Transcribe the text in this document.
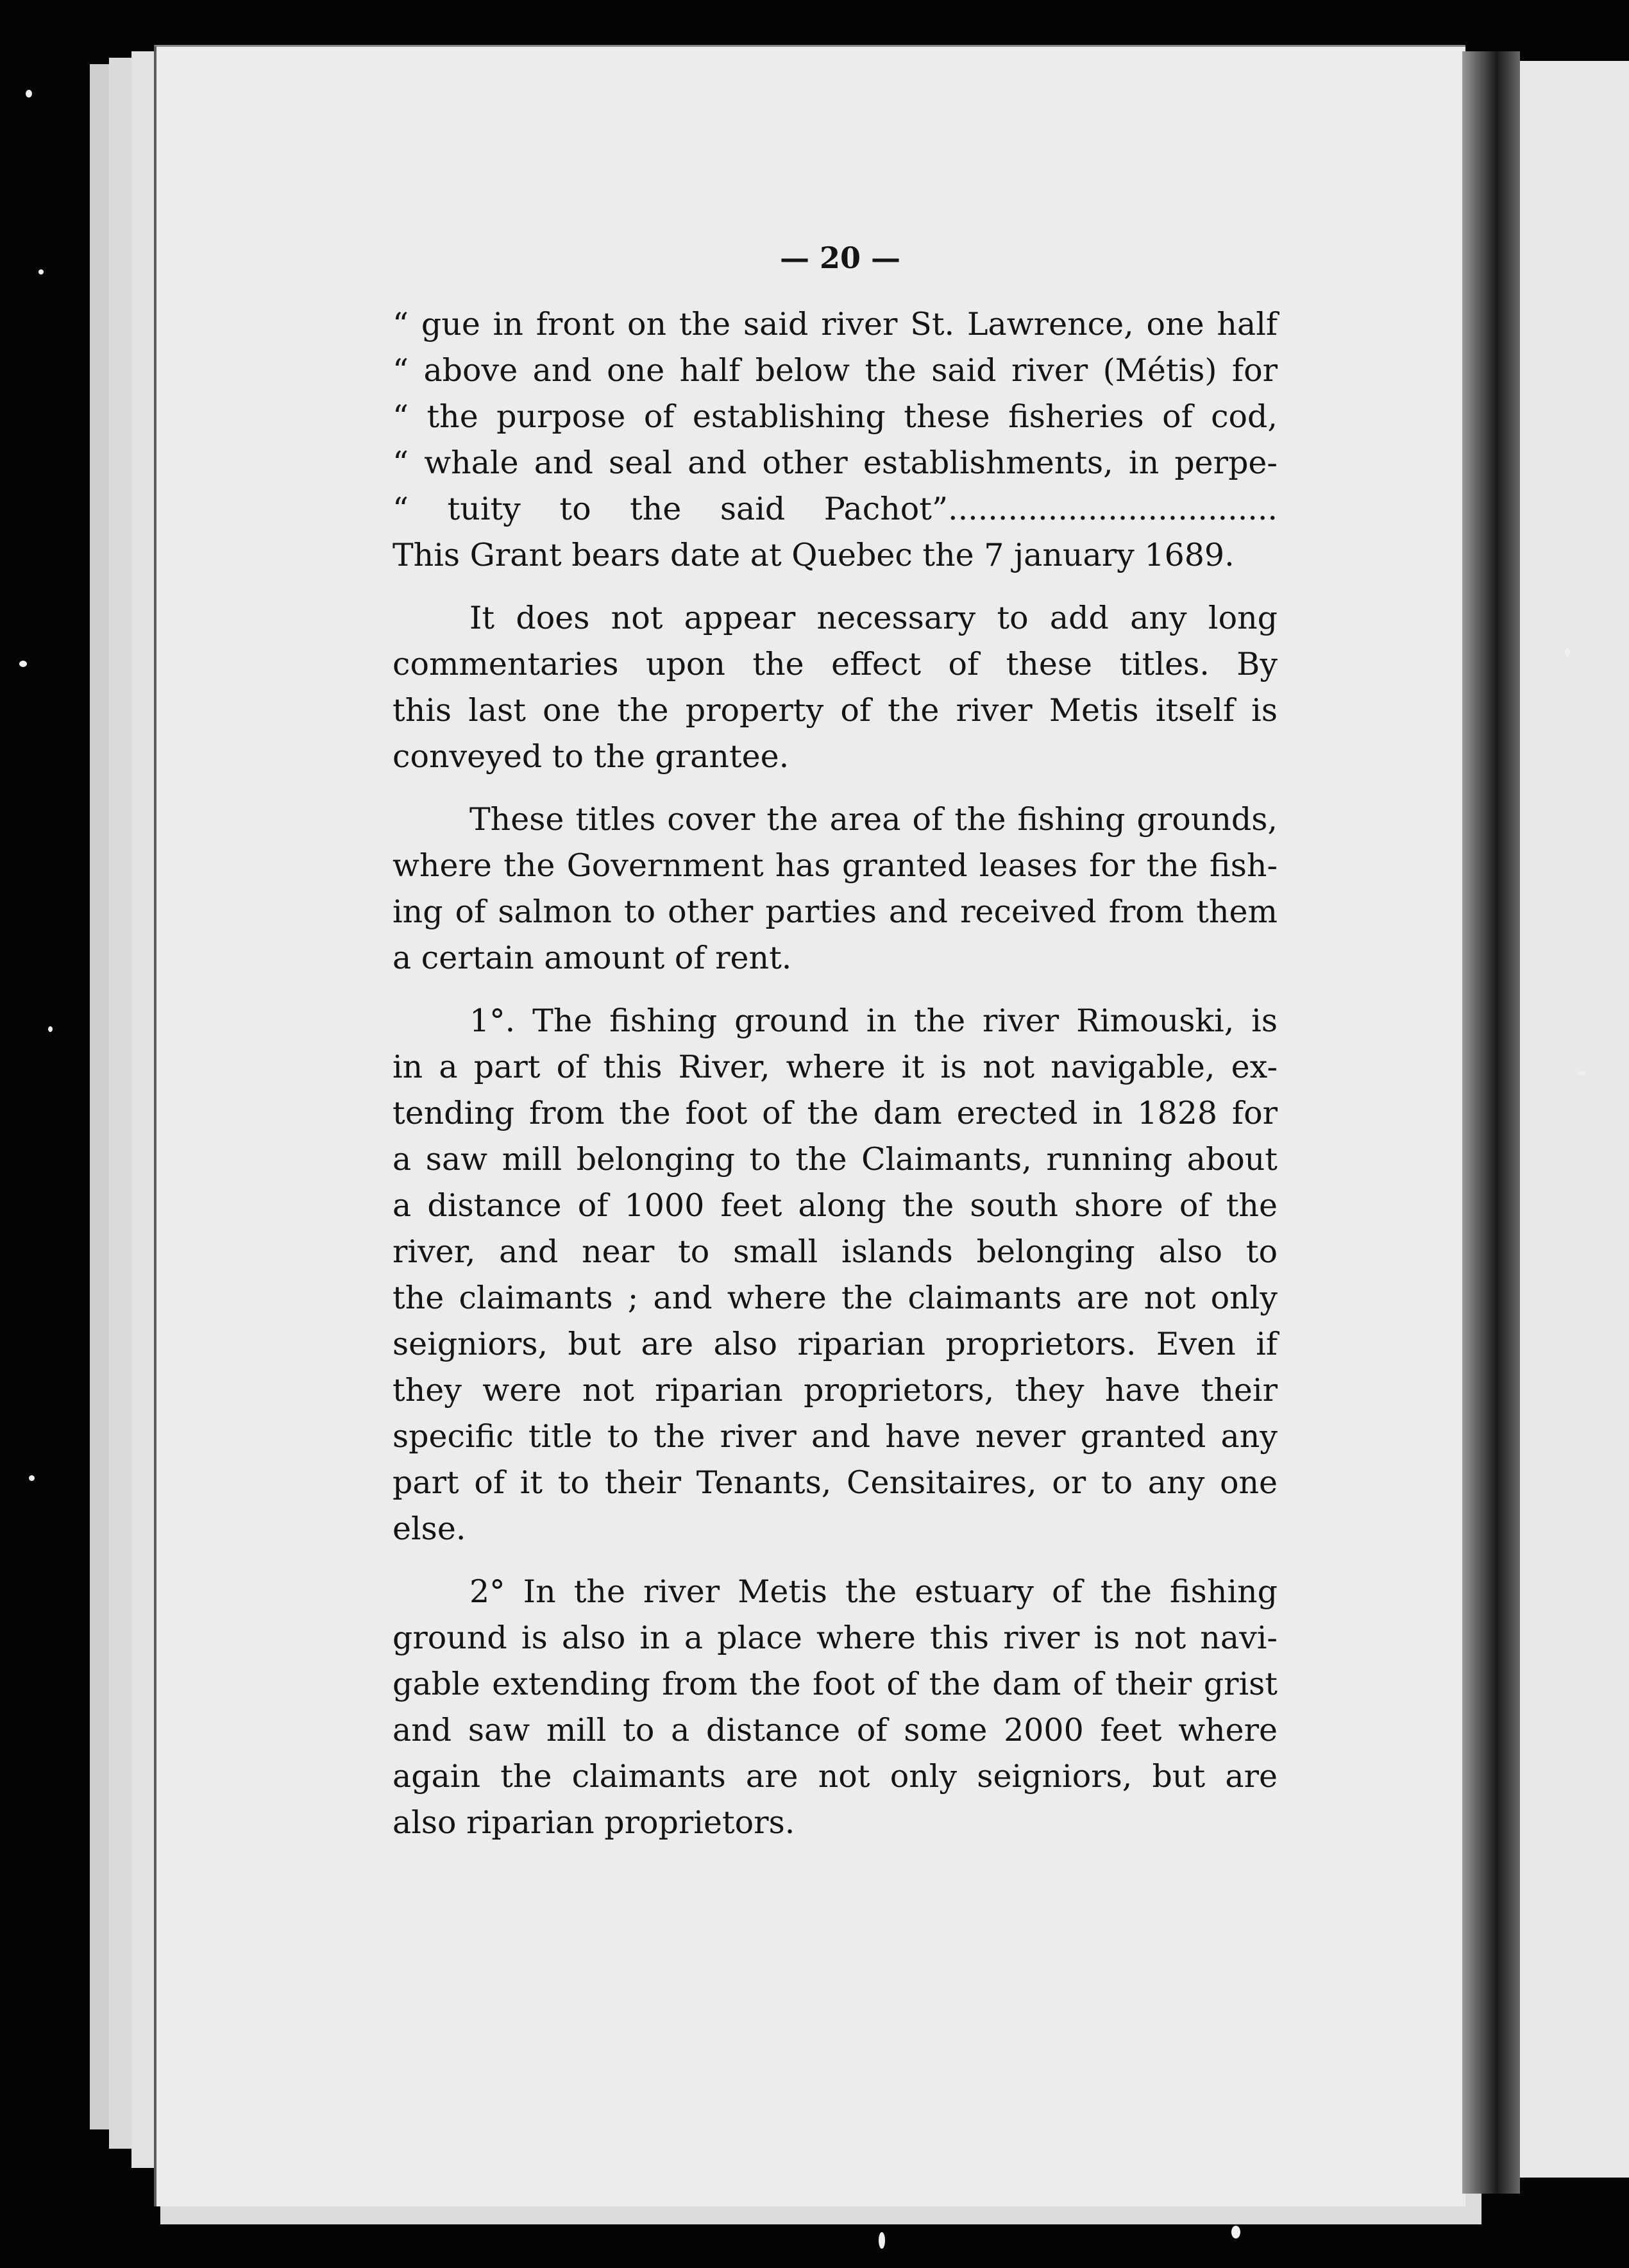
— 20 —
“ gue in front on the said river St. Lawrence, one half
“ above and one half below the said river (Métis) for
“ the purpose of establishing these fisheries of cod,
“ whale and seal and other establishments, in perpe-
“ tuity to the said Pachot”.................................
This Grant bears date at Quebec the 7 january 1689.
It does not appear necessary to add any long
commentaries upon the effect of these titles. By
this last one the property of the river Metis itself is
conveyed to the grantee.
These titles cover the area of the fishing grounds,
where the Government has granted leases for the fish-
ing of salmon to other parties and received from them
a certain amount of rent.
1°. The fishing ground in the river Rimouski, is
in a part of this River, where it is not navigable, ex-
tending from the foot of the dam erected in 1828 for
a saw mill belonging to the Claimants, running about
a distance of 1000 feet along the south shore of the
river, and near to small islands belonging also to
the claimants ; and where the claimants are not only
seigniors, but are also riparian proprietors. Even if
they were not riparian proprietors, they have their
specific title to the river and have never granted any
part of it to their Tenants, Censitaires, or to any one
else.
2° In the river Metis the estuary of the fishing
ground is also in a place where this river is not navi-
gable extending from the foot of the dam of their grist
and saw mill to a distance of some 2000 feet where
again the claimants are not only seigniors, but are
also riparian proprietors.
